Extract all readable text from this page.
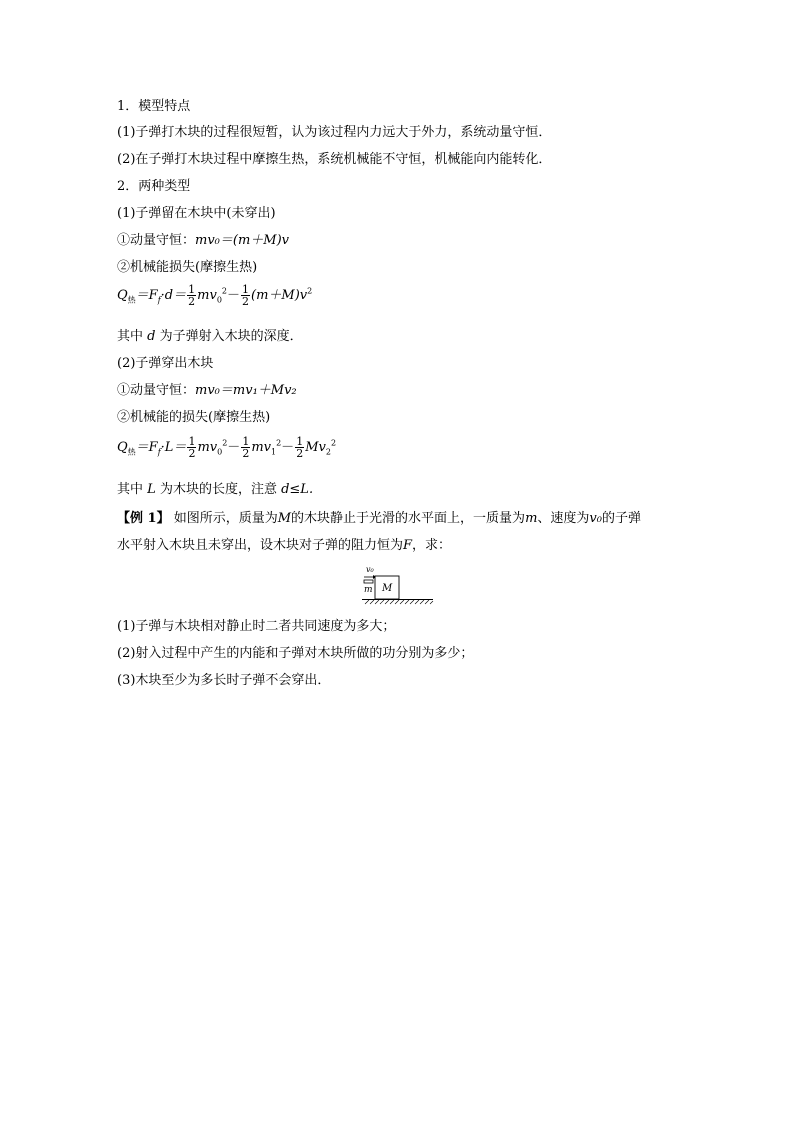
1．模型特点
(1)子弹打木块的过程很短暂，认为该过程内力远大于外力，系统动量守恒．
(2)在子弹打木块过程中摩擦生热，系统机械能不守恒，机械能向内能转化．
2．两种类型
(1)子弹留在木块中(未穿出)
①动量守恒：mv₀＝(m＋M)v
②机械能损失(摩擦生热)
$Q_热=F_f\cdot d= \frac{1}{2} mv_0^2- \frac{1}{2} (m+M)v^2$
其中 d 为子弹射入木块的深度．
(2)子弹穿出木块
①动量守恒：mv₀＝mv₁＋Mv₂
②机械能的损失(摩擦生热)
$Q_热=F_f\cdot L= \frac{1}{2} mv_0^2- \frac{1}{2} mv_1^2- \frac{1}{2} Mv_2^2$
其中 L 为木块的长度，注意 d≤L.
【例 1】 如图所示，质量为M的木块静止于光滑的水平面上，一质量为m、速度为v₀的子弹
水平射入木块且未穿出，设木块对子弹的阻力恒为F，求：
v₀
m M
(1)子弹与木块相对静止时二者共同速度为多大；
(2)射入过程中产生的内能和子弹对木块所做的功分别为多少；
(3)木块至少为多长时子弹不会穿出．
